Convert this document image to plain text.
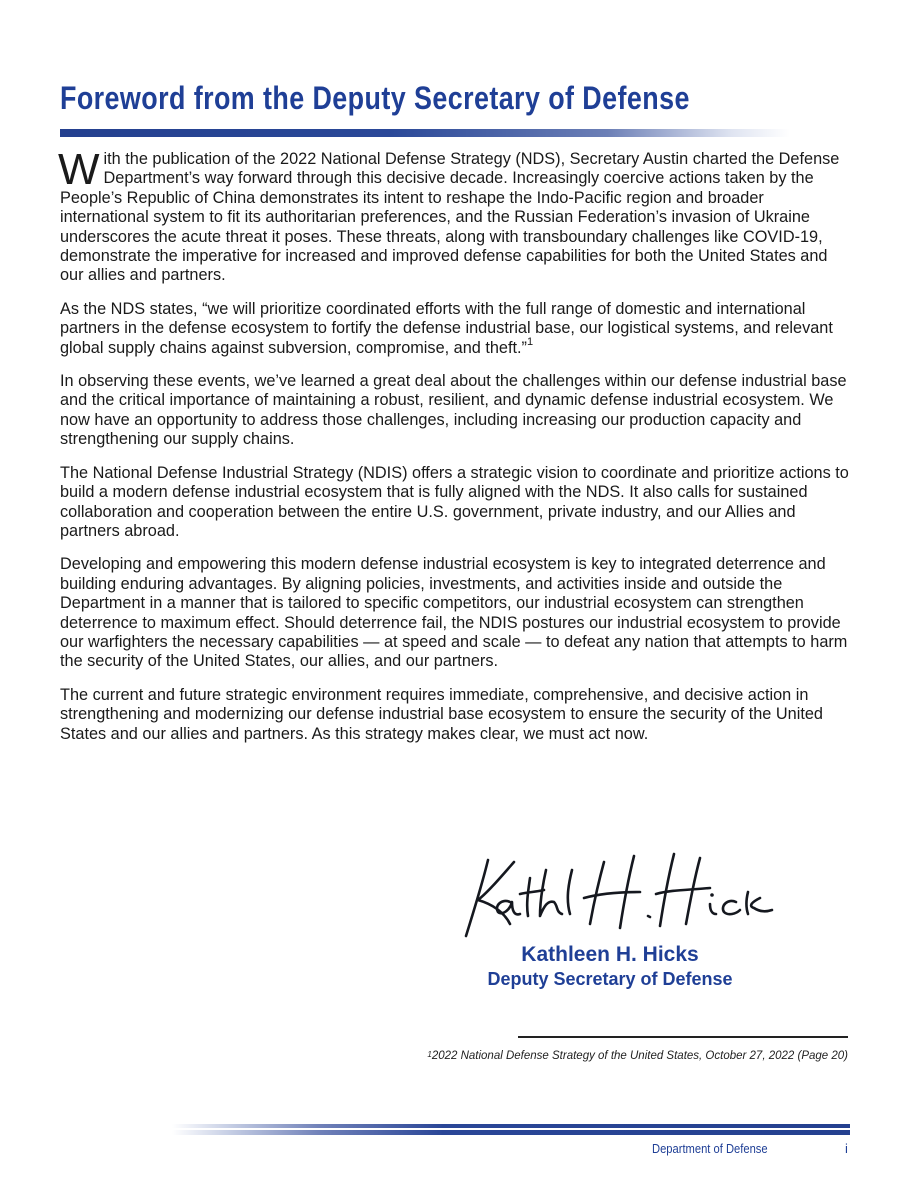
Foreword from the Deputy Secretary of Defense

With the publication of the 2022 National Defense Strategy (NDS), Secretary Austin charted the Defense Department’s way forward through this decisive decade. Increasingly coercive actions taken by the People’s Republic of China demonstrates its intent to reshape the Indo-Pacific region and broader international system to fit its authoritarian preferences, and the Russian Federation’s invasion of Ukraine underscores the acute threat it poses. These threats, along with transboundary challenges like COVID-19, demonstrate the imperative for increased and improved defense capabilities for both the United States and our allies and partners.

As the NDS states, “we will prioritize coordinated efforts with the full range of domestic and international partners in the defense ecosystem to fortify the defense industrial base, our logistical systems, and relevant global supply chains against subversion, compromise, and theft.”$^1$

In observing these events, we’ve learned a great deal about the challenges within our defense industrial base and the critical importance of maintaining a robust, resilient, and dynamic defense industrial ecosystem. We now have an opportunity to address those challenges, including increasing our production capacity and strengthening our supply chains.

The National Defense Industrial Strategy (NDIS) offers a strategic vision to coordinate and prioritize actions to build a modern defense industrial ecosystem that is fully aligned with the NDS. It also calls for sustained collaboration and cooperation between the entire U.S. government, private industry, and our Allies and partners abroad.

Developing and empowering this modern defense industrial ecosystem is key to integrated deterrence and building enduring advantages. By aligning policies, investments, and activities inside and outside the Department in a manner that is tailored to specific competitors, our industrial ecosystem can strengthen deterrence to maximum effect. Should deterrence fail, the NDIS postures our industrial ecosystem to provide our warfighters the necessary capabilities — at speed and scale — to defeat any nation that attempts to harm the security of the United States, our allies, and our partners.

The current and future strategic environment requires immediate, comprehensive, and decisive action in strengthening and modernizing our defense industrial base ecosystem to ensure the security of the United States and our allies and partners. As this strategy makes clear, we must act now.

Kathleen H. Hicks
Deputy Secretary of Defense
$^1$2022 National Defense Strategy of the United States, October 27, 2022 (Page 20)
Department of Defense	i
